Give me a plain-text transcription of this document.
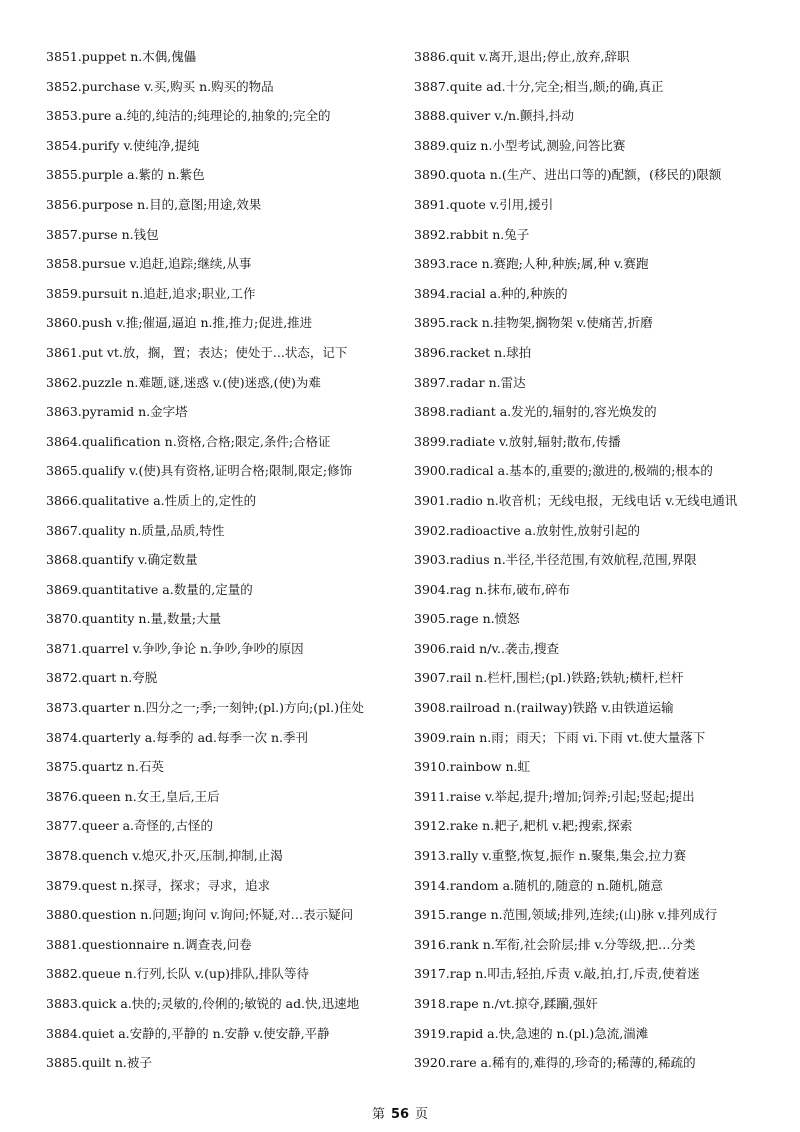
3851.puppet n.木偶,傀儡
3852.purchase v.买,购买 n.购买的物品
3853.pure a.纯的,纯洁的;纯理论的,抽象的;完全的
3854.purify v.使纯净,提纯
3855.purple a.紫的 n.紫色
3856.purpose n.目的,意图;用途,效果
3857.purse n.钱包
3858.pursue v.追赶,追踪;继续,从事
3859.pursuit n.追赶,追求;职业,工作
3860.push v.推;催逼,逼迫 n.推,推力;促进,推进
3861.put vt.放，搁，置；表达；使处于...状态，记下
3862.puzzle n.难题,谜,迷惑 v.(使)迷惑,(使)为难
3863.pyramid n.金字塔
3864.qualification n.资格,合格;限定,条件;合格证
3865.qualify v.(使)具有资格,证明合格;限制,限定;修饰
3866.qualitative a.性质上的,定性的
3867.quality n.质量,品质,特性
3868.quantify v.确定数量
3869.quantitative a.数量的,定量的
3870.quantity n.量,数量;大量
3871.quarrel v.争吵,争论 n.争吵,争吵的原因
3872.quart n.夸脱
3873.quarter n.四分之一;季;一刻钟;(pl.)方向;(pl.)住处
3874.quarterly a.每季的 ad.每季一次 n.季刊
3875.quartz n.石英
3876.queen n.女王,皇后,王后
3877.queer a.奇怪的,古怪的
3878.quench v.熄灭,扑灭,压制,抑制,止渴
3879.quest n.探寻，探求；寻求，追求
3880.question n.问题;询问 v.询问;怀疑,对…表示疑问
3881.questionnaire n.调查表,问卷
3882.queue n.行列,长队 v.(up)排队,排队等待
3883.quick a.快的;灵敏的,伶俐的;敏锐的 ad.快,迅速地
3884.quiet a.安静的,平静的 n.安静 v.使安静,平静
3885.quilt n.被子
3886.quit v.离开,退出;停止,放弃,辞职
3887.quite ad.十分,完全;相当,颇;的确,真正
3888.quiver v./n.颤抖,抖动
3889.quiz n.小型考试,测验,问答比赛
3890.quota n.(生产、进出口等的)配额，(移民的)限额
3891.quote v.引用,援引
3892.rabbit n.兔子
3893.race n.赛跑;人种,种族;属,种 v.赛跑
3894.racial a.种的,种族的
3895.rack n.挂物架,搁物架 v.使痛苦,折磨
3896.racket n.球拍
3897.radar n.雷达
3898.radiant a.发光的,辐射的,容光焕发的
3899.radiate v.放射,辐射;散布,传播
3900.radical a.基本的,重要的;激进的,极端的;根本的
3901.radio n.收音机；无线电报，无线电话 v.无线电通讯
3902.radioactive a.放射性,放射引起的
3903.radius n.半径,半径范围,有效航程,范围,界限
3904.rag n.抹布,破布,碎布
3905.rage n.愤怒
3906.raid n/v..袭击,搜查
3907.rail n.栏杆,围栏;(pl.)铁路;铁轨;横杆,栏杆
3908.railroad n.(railway)铁路 v.由铁道运输
3909.rain n.雨；雨天；下雨 vi.下雨 vt.使大量落下
3910.rainbow n.虹
3911.raise v.举起,提升;增加;饲养;引起;竖起;提出
3912.rake n.耙子,耙机 v.耙;搜索,探索
3913.rally v.重整,恢复,振作 n.聚集,集会,拉力赛
3914.random a.随机的,随意的 n.随机,随意
3915.range n.范围,领域;排列,连续;(山)脉 v.排列成行
3916.rank n.军衔,社会阶层;排 v.分等级,把…分类
3917.rap n.叩击,轻拍,斥责 v.敲,拍,打,斥责,使着迷
3918.rape n./vt.掠夺,蹂躏,强奸
3919.rapid a.快,急速的 n.(pl.)急流,湍滩
3920.rare a.稀有的,难得的,珍奇的;稀薄的,稀疏的
第 56 页
